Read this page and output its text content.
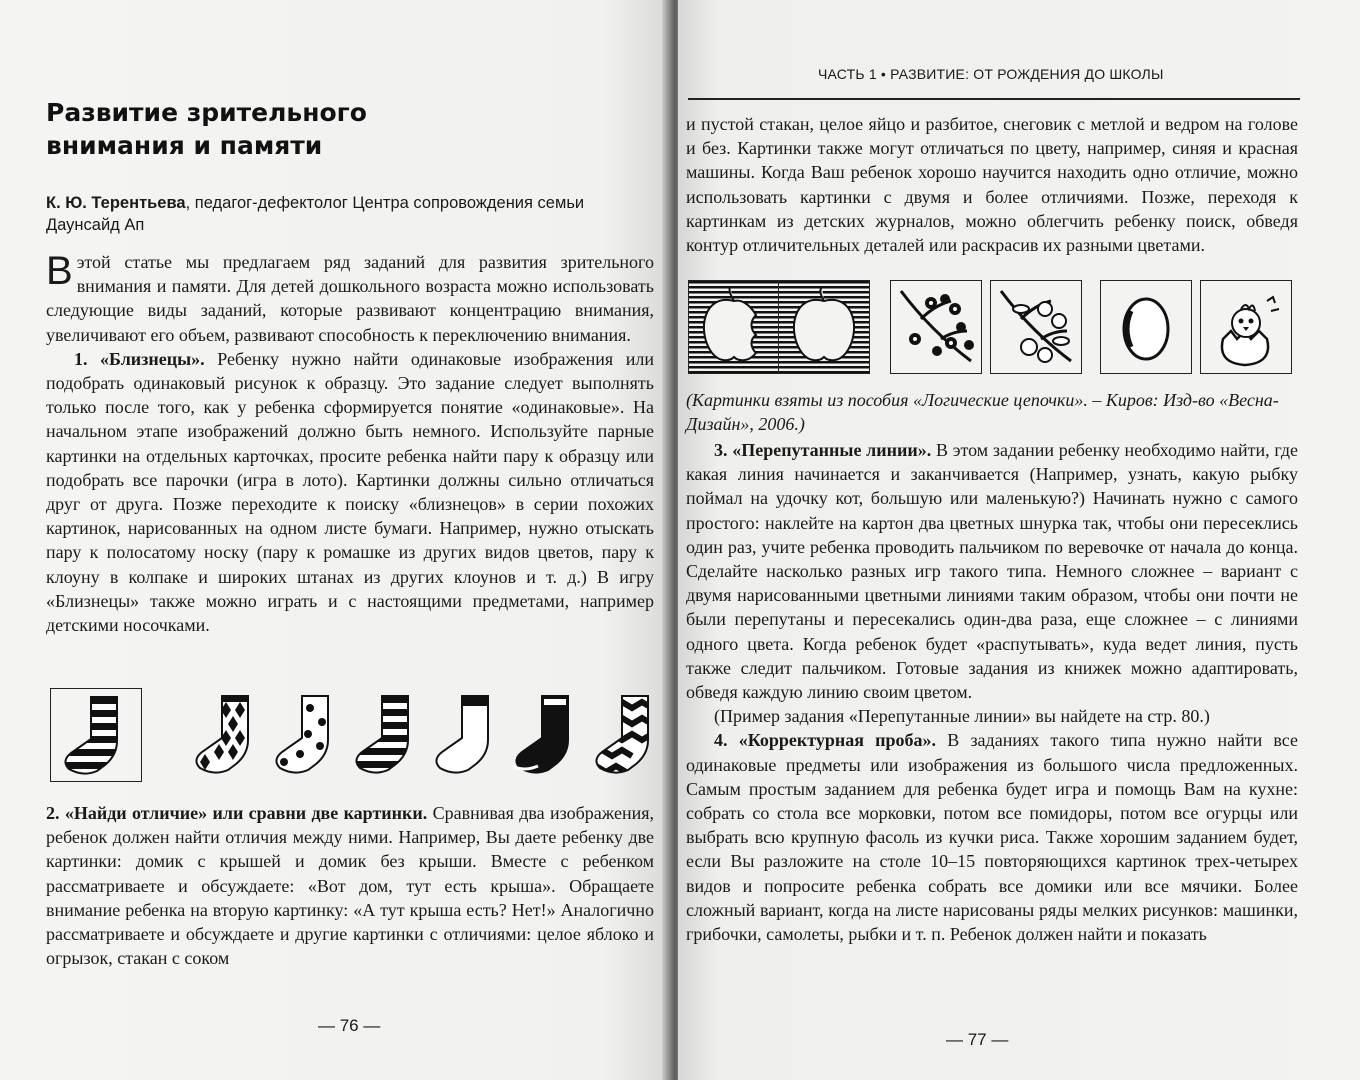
Развитие зрительного
внимания и памяти
К. Ю. Терентьева, педагог-дефектолог Центра сопровождения семьи Даунсайд Ап
В этой статье мы предлагаем ряд заданий для развития зрительного внимания и памяти. Для детей дошкольного возраста можно использовать следующие виды заданий, которые развивают концентрацию внимания, увеличивают его объем, развивают способность к переключению внимания.
1. «Близнецы». Ребенку нужно найти одинаковые изображения или подобрать одинаковый рисунок к образцу. Это задание следует выполнять только после того, как у ребенка сформируется понятие «одинаковые». На начальном этапе изображений должно быть немного. Используйте парные картинки на отдельных карточках, просите ребенка найти пару к образцу или подобрать все парочки (игра в лото). Картинки должны сильно отличаться друг от друга. Позже переходите к поиску «близнецов» в серии похожих картинок, нарисованных на одном листе бумаги. Например, нужно отыскать пару к полосатому носку (пару к ромашке из других видов цветов, пару к клоуну в колпаке и широких штанах из других клоунов и т. д.) В игру «Близнецы» также можно играть и с настоящими предметами, например детскими носочками.
2. «Найди отличие» или сравни две картинки. Сравнивая два изображения, ребенок должен найти отличия между ними. Например, Вы даете ребенку две картинки: домик с крышей и домик без крыши. Вместе с ребенком рассматриваете и обсуждаете: «Вот дом, тут есть крыша». Обращаете внимание ребенка на вторую картинку: «А тут крыша есть? Нет!» Аналогично рассматриваете и обсуждаете и другие картинки с отличиями: целое яблоко и огрызок, стакан с соком
— 76 —
ЧАСТЬ 1 • РАЗВИТИЕ: ОТ РОЖДЕНИЯ ДО ШКОЛЫ
и пустой стакан, целое яйцо и разбитое, снеговик с метлой и ведром на голове и без. Картинки также могут отличаться по цвету, например, синяя и красная машины. Когда Ваш ребенок хорошо научится находить одно отличие, можно использовать картинки с двумя и более отличиями. Позже, переходя к картинкам из детских журналов, можно облегчить ребенку поиск, обведя контур отличительных деталей или раскрасив их разными цветами.
(Картинки взяты из пособия «Логические цепочки». – Киров: Изд-во «Весна-Дизайн», 2006.)
3. «Перепутанные линии». В этом задании ребенку необходимо найти, где какая линия начинается и заканчивается (Например, узнать, какую рыбку поймал на удочку кот, большую или маленькую?) Начинать нужно с самого простого: наклейте на картон два цветных шнурка так, чтобы они пересеклись один раз, учите ребенка проводить пальчиком по веревочке от начала до конца. Сделайте насколько разных игр такого типа. Немного сложнее – вариант с двумя нарисованными цветными линиями таким образом, чтобы они почти не были перепутаны и пересекались один-два раза, еще сложнее – с линиями одного цвета. Когда ребенок будет «распутывать», куда ведет линия, пусть также следит пальчиком. Готовые задания из книжек можно адаптировать, обведя каждую линию своим цветом.
(Пример задания «Перепутанные линии» вы найдете на стр. 80.)
4. «Корректурная проба». В заданиях такого типа нужно найти все одинаковые предметы или изображения из большого числа предложенных. Самым простым заданием для ребенка будет игра и помощь Вам на кухне: собрать со стола все морковки, потом все помидоры, потом все огурцы или выбрать всю крупную фасоль из кучки риса. Также хорошим заданием будет, если Вы разложите на столе 10–15 повторяющихся картинок трех-четырех видов и попросите ребенка собрать все домики или все мячики. Более сложный вариант, когда на листе нарисованы ряды мелких рисунков: машинки, грибочки, самолеты, рыбки и т. п. Ребенок должен найти и показать
— 77 —
